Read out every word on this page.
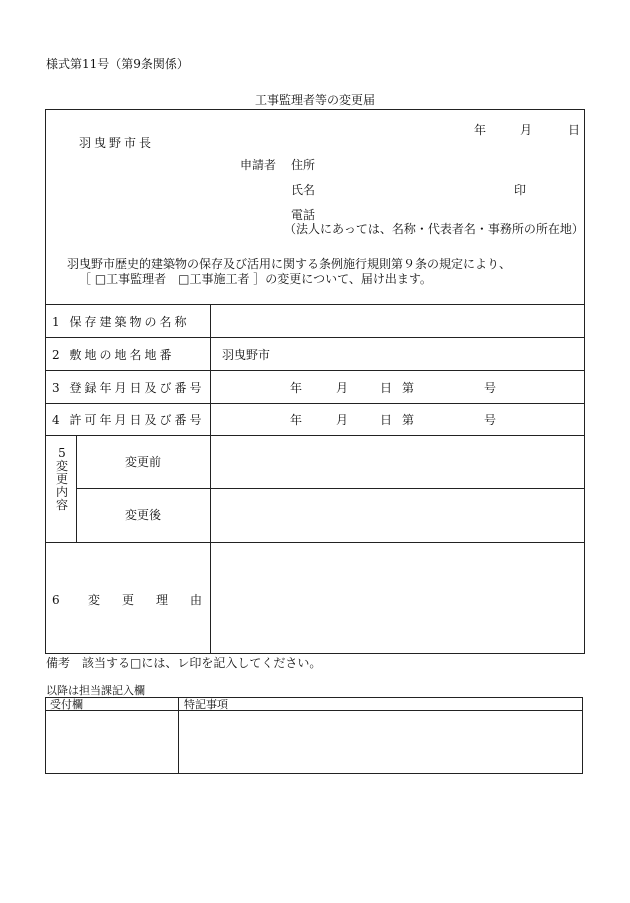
様式第11号（第9条関係）
工事監理者等の変更届
年	月	日
羽曳野市長
申請者 住所
氏名	印
電話
（法人にあっては、名称・代表者名・事務所の所在地）
羽曳野市歴史的建築物の保存及び活用に関する条例施行規則第９条の規定により、
［ □工事監理者　□工事施工者 ］の変更について、届け出ます。
1 保存建築物の名称
2 敷地の地名地番	羽曳野市
3 登録年月日及び番号	年	月	日 第	号
4 許可年月日及び番号	年	月	日 第	号
5変更内容
変更前
変更後
6 変更理由
備考　該当する□には、レ印を記入してください。
以降は担当課記入欄
受付欄	特記事項
